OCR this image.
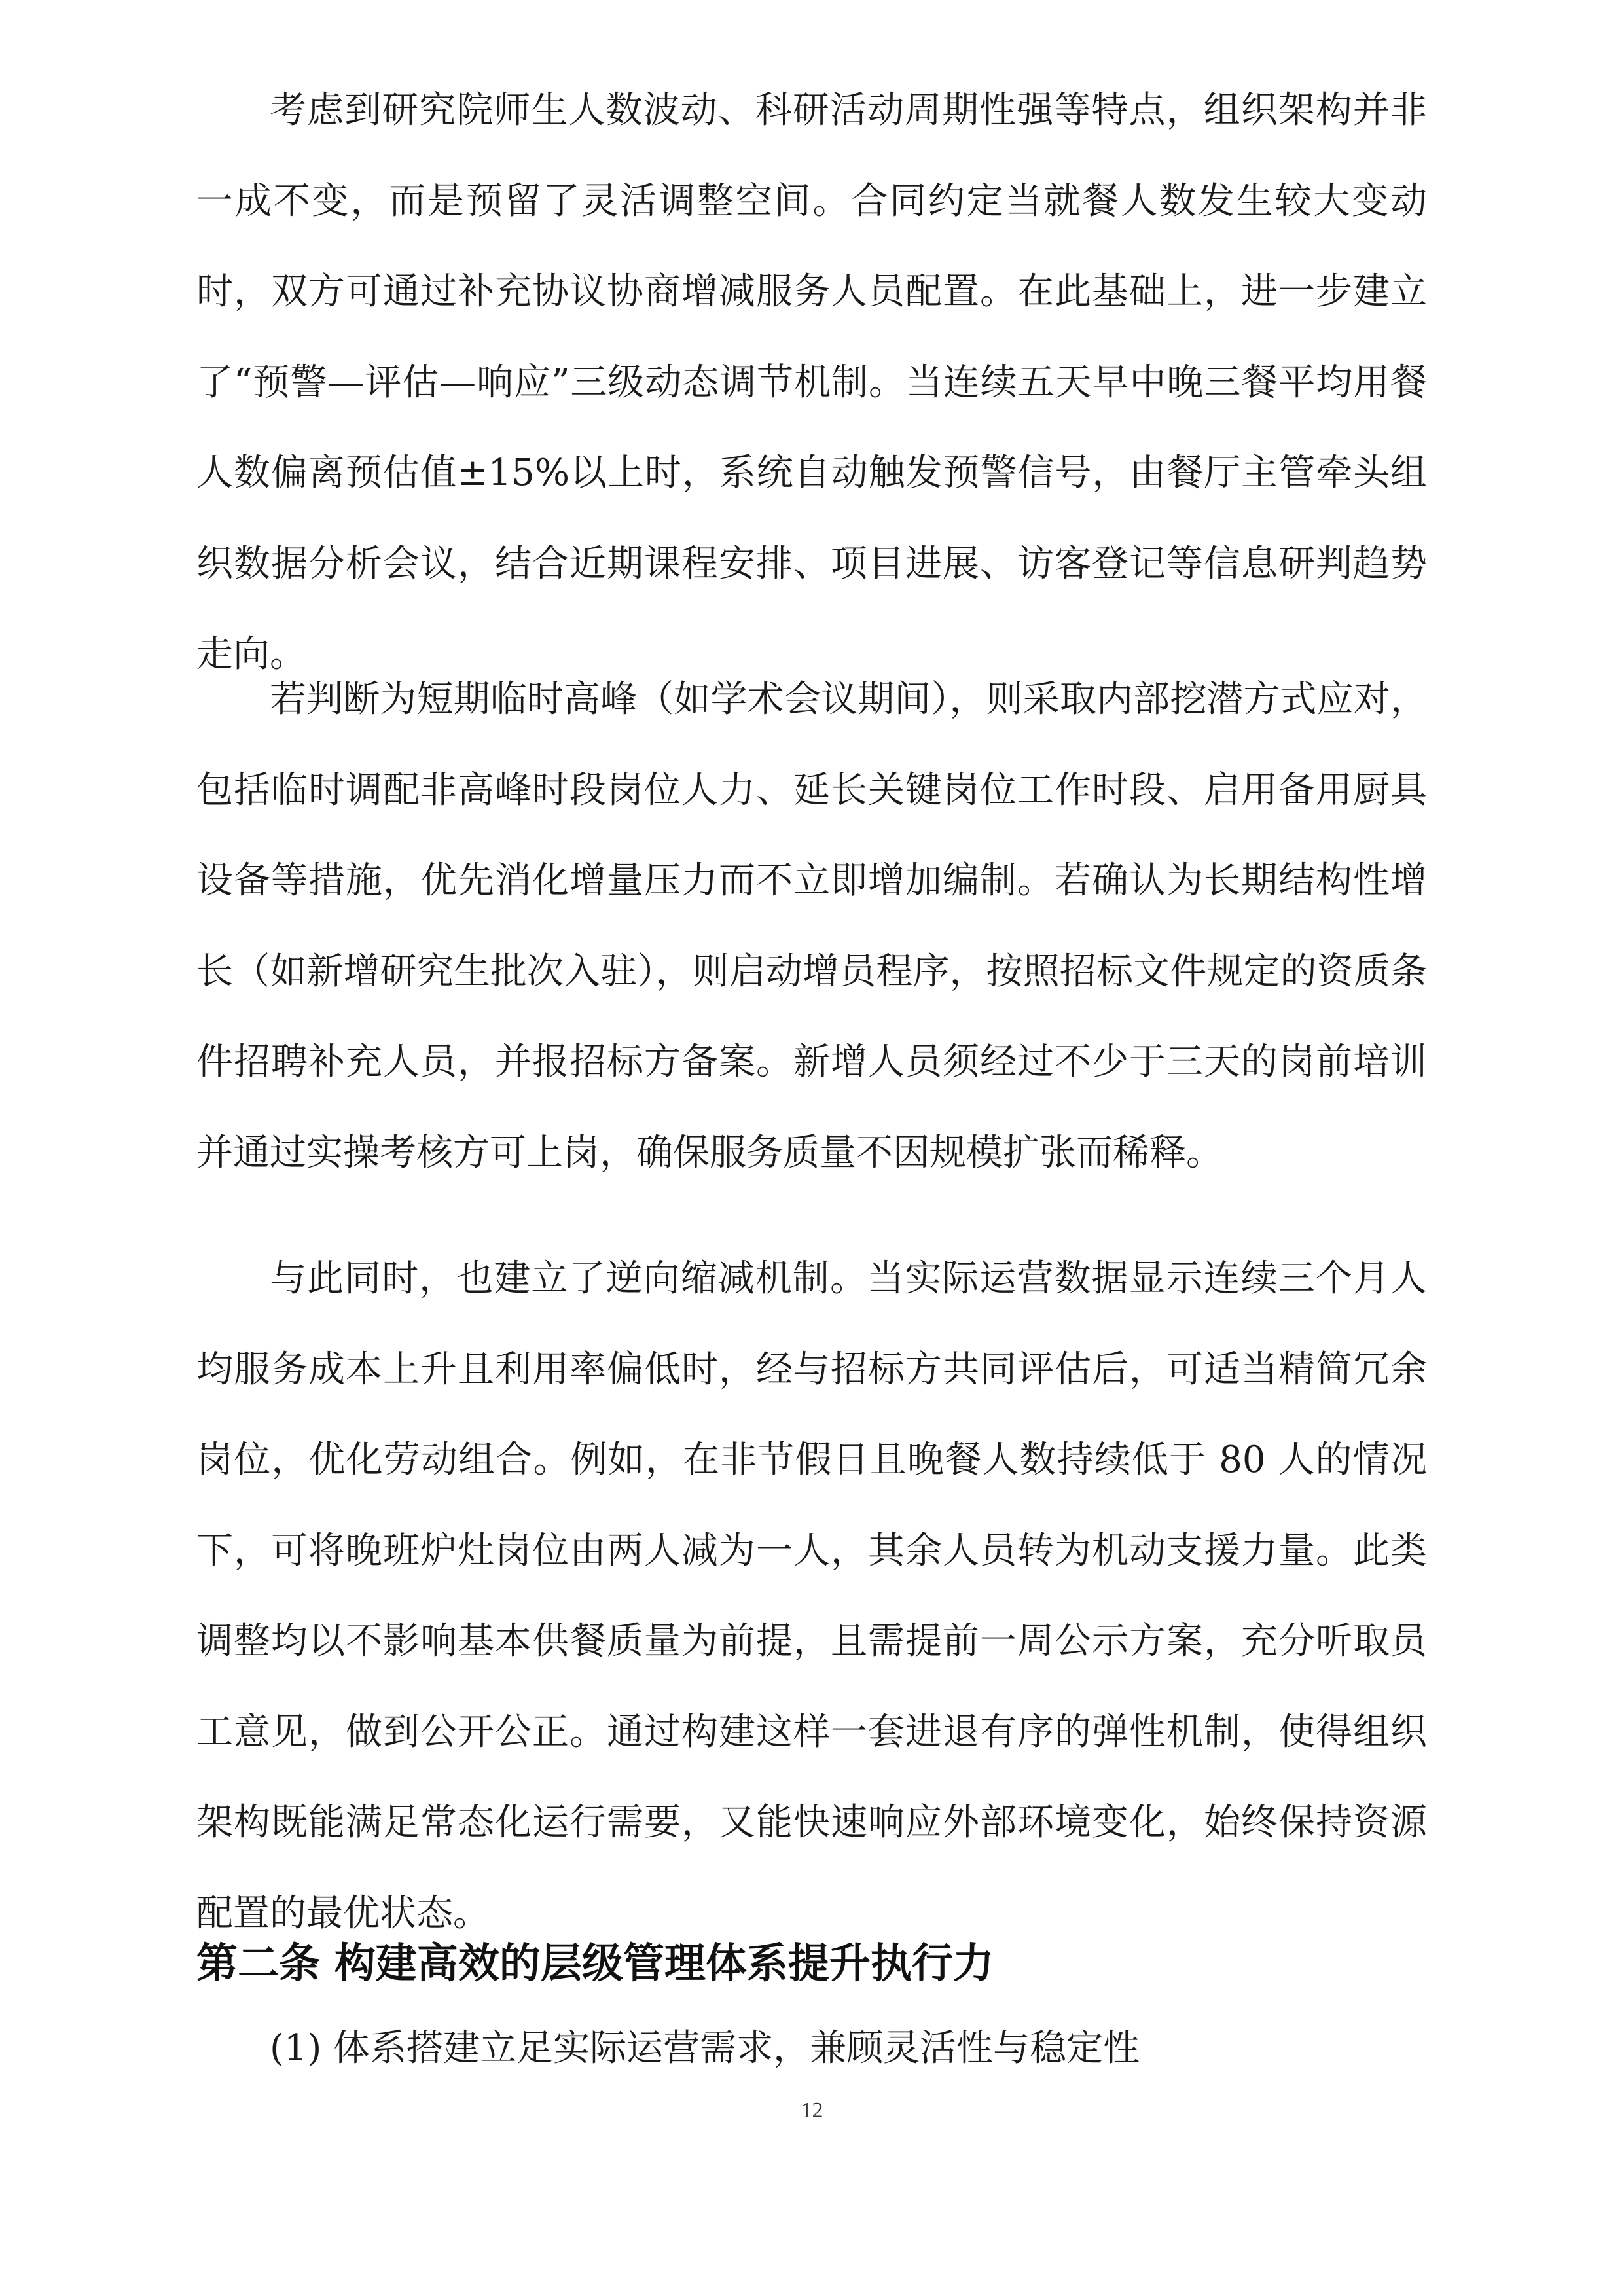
考虑到研究院师生人数波动、科研活动周期性强等特点，组织架构并非一成不变，而是预留了灵活调整空间。合同约定当就餐人数发生较大变动时，双方可通过补充协议协商增减服务人员配置。在此基础上，进一步建立了“预警—评估—响应”三级动态调节机制。当连续五天早中晚三餐平均用餐人数偏离预估值±15%以上时，系统自动触发预警信号，由餐厅主管牵头组织数据分析会议，结合近期课程安排、项目进展、访客登记等信息研判趋势走向。

若判断为短期临时高峰（如学术会议期间），则采取内部挖潜方式应对，包括临时调配非高峰时段岗位人力、延长关键岗位工作时段、启用备用厨具设备等措施，优先消化增量压力而不立即增加编制。若确认为长期结构性增长（如新增研究生批次入驻），则启动增员程序，按照招标文件规定的资质条件招聘补充人员，并报招标方备案。新增人员须经过不少于三天的岗前培训并通过实操考核方可上岗，确保服务质量不因规模扩张而稀释。

与此同时，也建立了逆向缩减机制。当实际运营数据显示连续三个月人均服务成本上升且利用率偏低时，经与招标方共同评估后，可适当精简冗余岗位，优化劳动组合。例如，在非节假日且晚餐人数持续低于 80 人的情况下，可将晚班炉灶岗位由两人减为一人，其余人员转为机动支援力量。此类调整均以不影响基本供餐质量为前提，且需提前一周公示方案，充分听取员工意见，做到公开公正。通过构建这样一套进退有序的弹性机制，使得组织架构既能满足常态化运行需要，又能快速响应外部环境变化，始终保持资源配置的最优状态。

第二条 构建高效的层级管理体系提升执行力
(1) 体系搭建立足实际运营需求，兼顾灵活性与稳定性
12
